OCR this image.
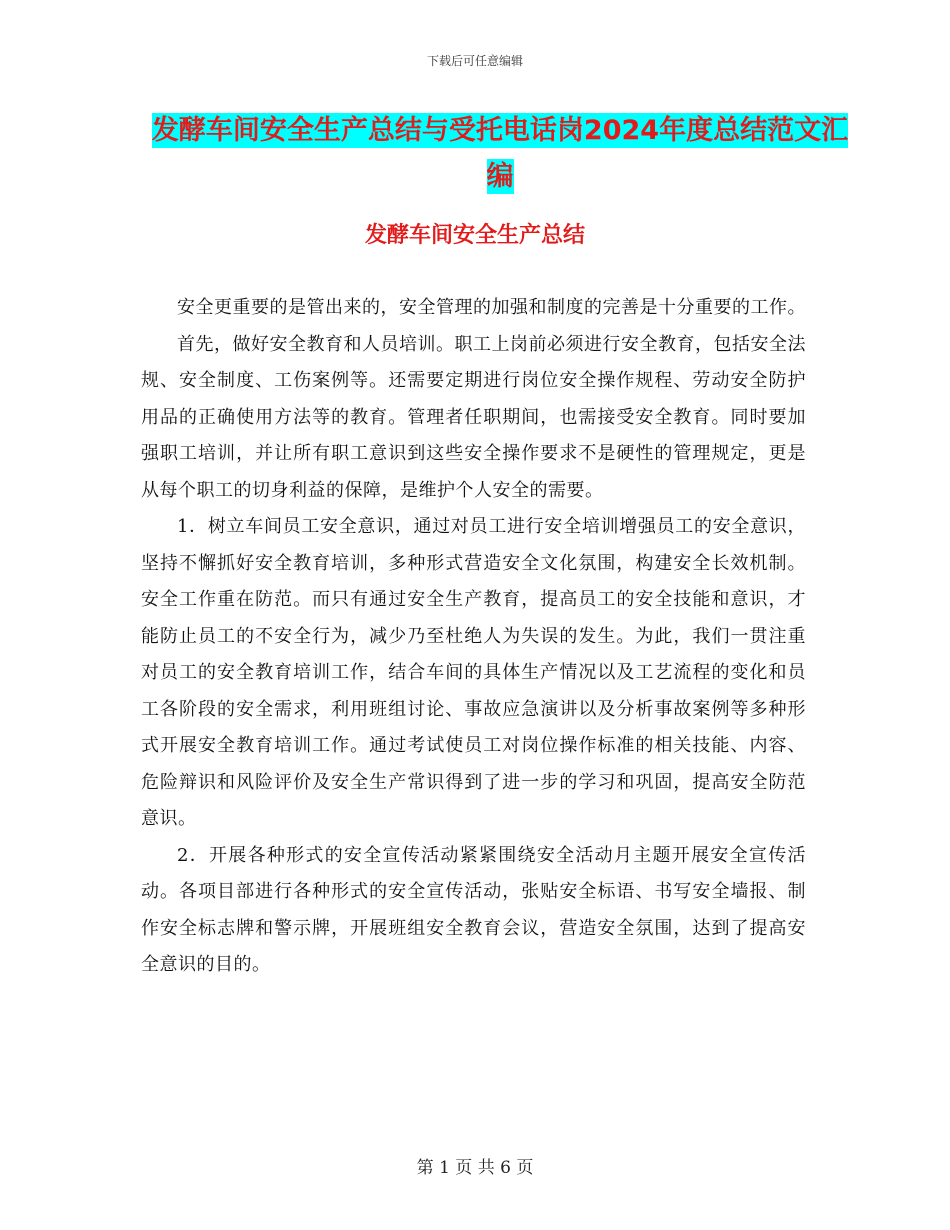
下载后可任意编辑
发酵车间安全生产总结与受托电话岗2024年度总结范文汇编
发酵车间安全生产总结

安全更重要的是管出来的，安全管理的加强和制度的完善是十分重要的工作。

首先，做好安全教育和人员培训。职工上岗前必须进行安全教育，包括安全法规、安全制度、工伤案例等。还需要定期进行岗位安全操作规程、劳动安全防护用品的正确使用方法等的教育。管理者任职期间，也需接受安全教育。同时要加强职工培训，并让所有职工意识到这些安全操作要求不是硬性的管理规定，更是从每个职工的切身利益的保障，是维护个人安全的需要。

1．树立车间员工安全意识，通过对员工进行安全培训增强员工的安全意识，坚持不懈抓好安全教育培训，多种形式营造安全文化氛围，构建安全长效机制。安全工作重在防范。而只有通过安全生产教育，提高员工的安全技能和意识，才能防止员工的不安全行为，减少乃至杜绝人为失误的发生。为此，我们一贯注重对员工的安全教育培训工作，结合车间的具体生产情况以及工艺流程的变化和员工各阶段的安全需求，利用班组讨论、事故应急演讲以及分析事故案例等多种形式开展安全教育培训工作。通过考试使员工对岗位操作标准的相关技能、内容、危险辩识和风险评价及安全生产常识得到了进一步的学习和巩固，提高安全防范意识。

2．开展各种形式的安全宣传活动紧紧围绕安全活动月主题开展安全宣传活动。各项目部进行各种形式的安全宣传活动，张贴安全标语、书写安全墙报、制作安全标志牌和警示牌，开展班组安全教育会议，营造安全氛围，达到了提高安全意识的目的。

第 1 页 共 6 页
